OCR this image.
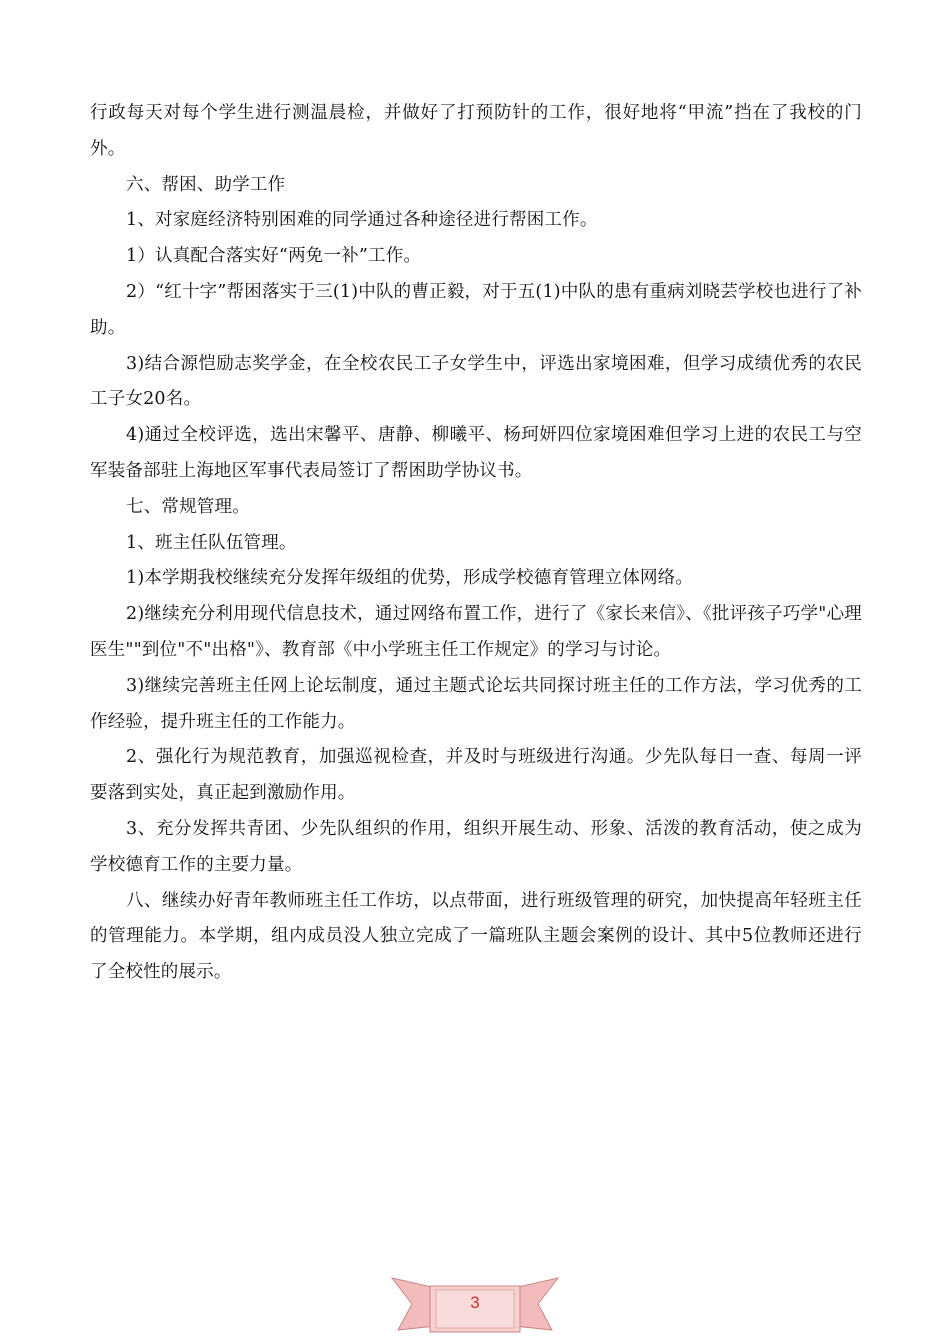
行政每天对每个学生进行测温晨检，并做好了打预防针的工作，很好地将“甲流”挡在了我校的门外。

六、帮困、助学工作

1、对家庭经济特别困难的同学通过各种途径进行帮困工作。

1）认真配合落实好“两免一补”工作。

2）“红十字”帮困落实于三(1)中队的曹正毅，对于五(1)中队的患有重病刘晓芸学校也进行了补助。

3)结合源恺励志奖学金，在全校农民工子女学生中，评选出家境困难，但学习成绩优秀的农民工子女20名。

4)通过全校评选，选出宋馨平、唐静、柳曦平、杨珂妍四位家境困难但学习上进的农民工与空军装备部驻上海地区军事代表局签订了帮困助学协议书。

七、常规管理。

1、班主任队伍管理。

1)本学期我校继续充分发挥年级组的优势，形成学校德育管理立体网络。

2)继续充分利用现代信息技术，通过网络布置工作，进行了《家长来信》、《批评孩子巧学"心理医生""到位"不"出格"》、教育部《中小学班主任工作规定》的学习与讨论。

3)继续完善班主任网上论坛制度，通过主题式论坛共同探讨班主任的工作方法，学习优秀的工作经验，提升班主任的工作能力。

2、强化行为规范教育，加强巡视检查，并及时与班级进行沟通。少先队每日一查、每周一评要落到实处，真正起到激励作用。

3、充分发挥共青团、少先队组织的作用，组织开展生动、形象、活泼的教育活动，使之成为学校德育工作的主要力量。

八、继续办好青年教师班主任工作坊，以点带面，进行班级管理的研究，加快提高年轻班主任的管理能力。本学期，组内成员没人独立完成了一篇班队主题会案例的设计、其中5位教师还进行了全校性的展示。

3
